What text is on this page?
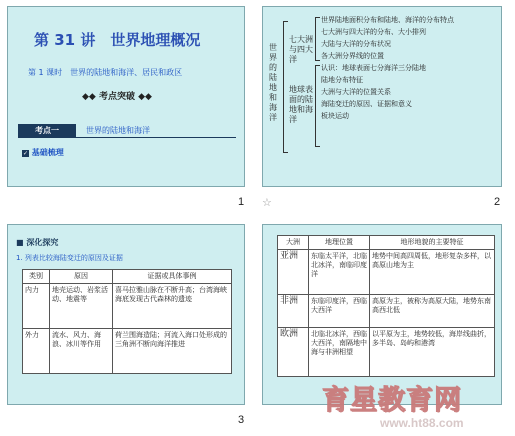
第 31 讲　世界地理概况
第 1 课时　世界的陆地和海洋、居民和政区
◆◆ 考点突破 ◆◆
考点一	世界的陆地和海洋
✓ 基础梳理
1
世界的陆地和海洋
七大洲与四大洋
地球表面的陆地和海洋
世界陆地面积分布和陆地、海洋的分布特点
七大洲与四大洋的分布、大小排列
大陆与大洋的分布状况
各大洲分界线的位置
认识：地球表面七分海洋三分陆地
陆地分布特征
大洲与大洋的位置关系
海陆变迁的原因、证据和意义
板块运动
☆	2
■ 深化探究
1. 列表比较海陆变迁的原因及证据
类别	原因	证据或具体事例
内力	地壳运动、岩浆活动、地震等	喜马拉雅山脉在不断升高；台湾海峡海底发现古代森林的遗迹
外力	流水、风力、海浪、冰川等作用	荷兰围海造陆；河流入海口处形成的三角洲不断向海洋推进
3
大洲	地理位置	地形地貌的主要特征
亚洲	东临太平洋，北临北冰洋，南临印度洋	地势中间高四周低，地形复杂多样，以高原山地为主
非洲	东临印度洋，西临大西洋	高原为主，被称为高原大陆，地势东南高西北低
欧洲	北临北冰洋，西临大西洋，南隔地中海与非洲相望	以平原为主，地势较低，海岸线曲折，多半岛、岛屿和港湾
育星教育网
www.ht88.com
